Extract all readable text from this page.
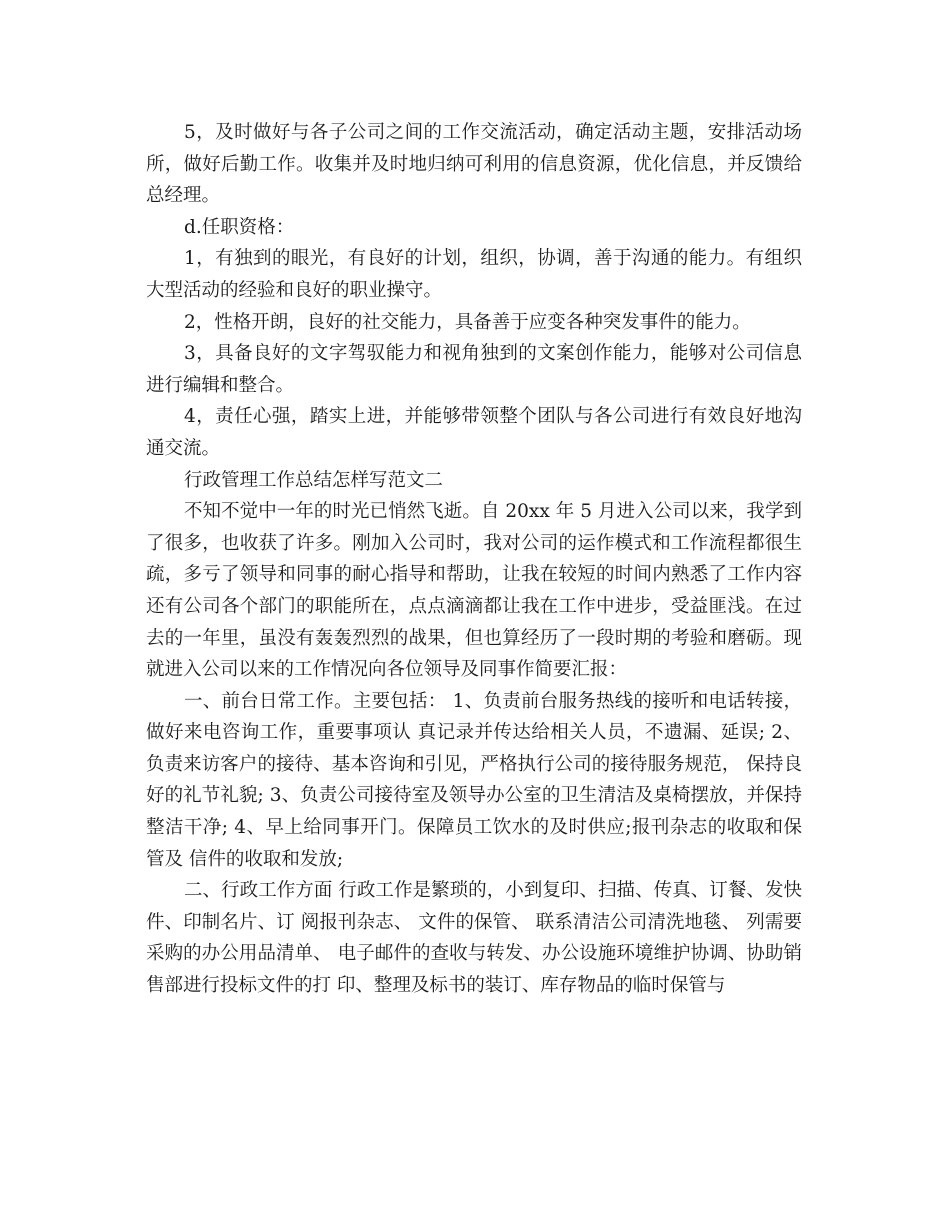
5，及时做好与各子公司之间的工作交流活动，确定活动主题，安排活动场所，做好后勤工作。收集并及时地归纳可利用的信息资源，优化信息，并反馈给总经理。

d.任职资格：

1，有独到的眼光，有良好的计划，组织，协调，善于沟通的能力。有组织大型活动的经验和良好的职业操守。

2，性格开朗，良好的社交能力，具备善于应变各种突发事件的能力。

3，具备良好的文字驾驭能力和视角独到的文案创作能力，能够对公司信息进行编辑和整合。

4，责任心强，踏实上进，并能够带领整个团队与各公司进行有效良好地沟通交流。

行政管理工作总结怎样写范文二

不知不觉中一年的时光已悄然飞逝。自 20xx 年 5 月进入公司以来，我学到 了很多，也收获了许多。刚加入公司时，我对公司的运作模式和工作流程都很生 疏，多亏了领导和同事的耐心指导和帮助，让我在较短的时间内熟悉了工作内容 还有公司各个部门的职能所在，点点滴滴都让我在工作中进步，受益匪浅。在过 去的一年里，虽没有轰轰烈烈的战果，但也算经历了一段时期的考验和磨砺。现 就进入公司以来的工作情况向各位领导及同事作简要汇报：

一、前台日常工作。主要包括： 1、负责前台服务热线的接听和电话转接，做好来电咨询工作，重要事项认 真记录并传达给相关人员，不遗漏、延误; 2、负责来访客户的接待、基本咨询和引见，严格执行公司的接待服务规范， 保持良好的礼节礼貌; 3、负责公司接待室及领导办公室的卫生清洁及桌椅摆放，并保持整洁干净; 4、早上给同事开门。保障员工饮水的及时供应;报刊杂志的收取和保管及 信件的收取和发放;

二、行政工作方面 行政工作是繁琐的，小到复印、扫描、传真、订餐、发快件、印制名片、订 阅报刊杂志、 文件的保管、 联系清洁公司清洗地毯、 列需要采购的办公用品清单、 电子邮件的查收与转发、办公设施环境维护协调、协助销售部进行投标文件的打 印、整理及标书的装订、库存物品的临时保管与
